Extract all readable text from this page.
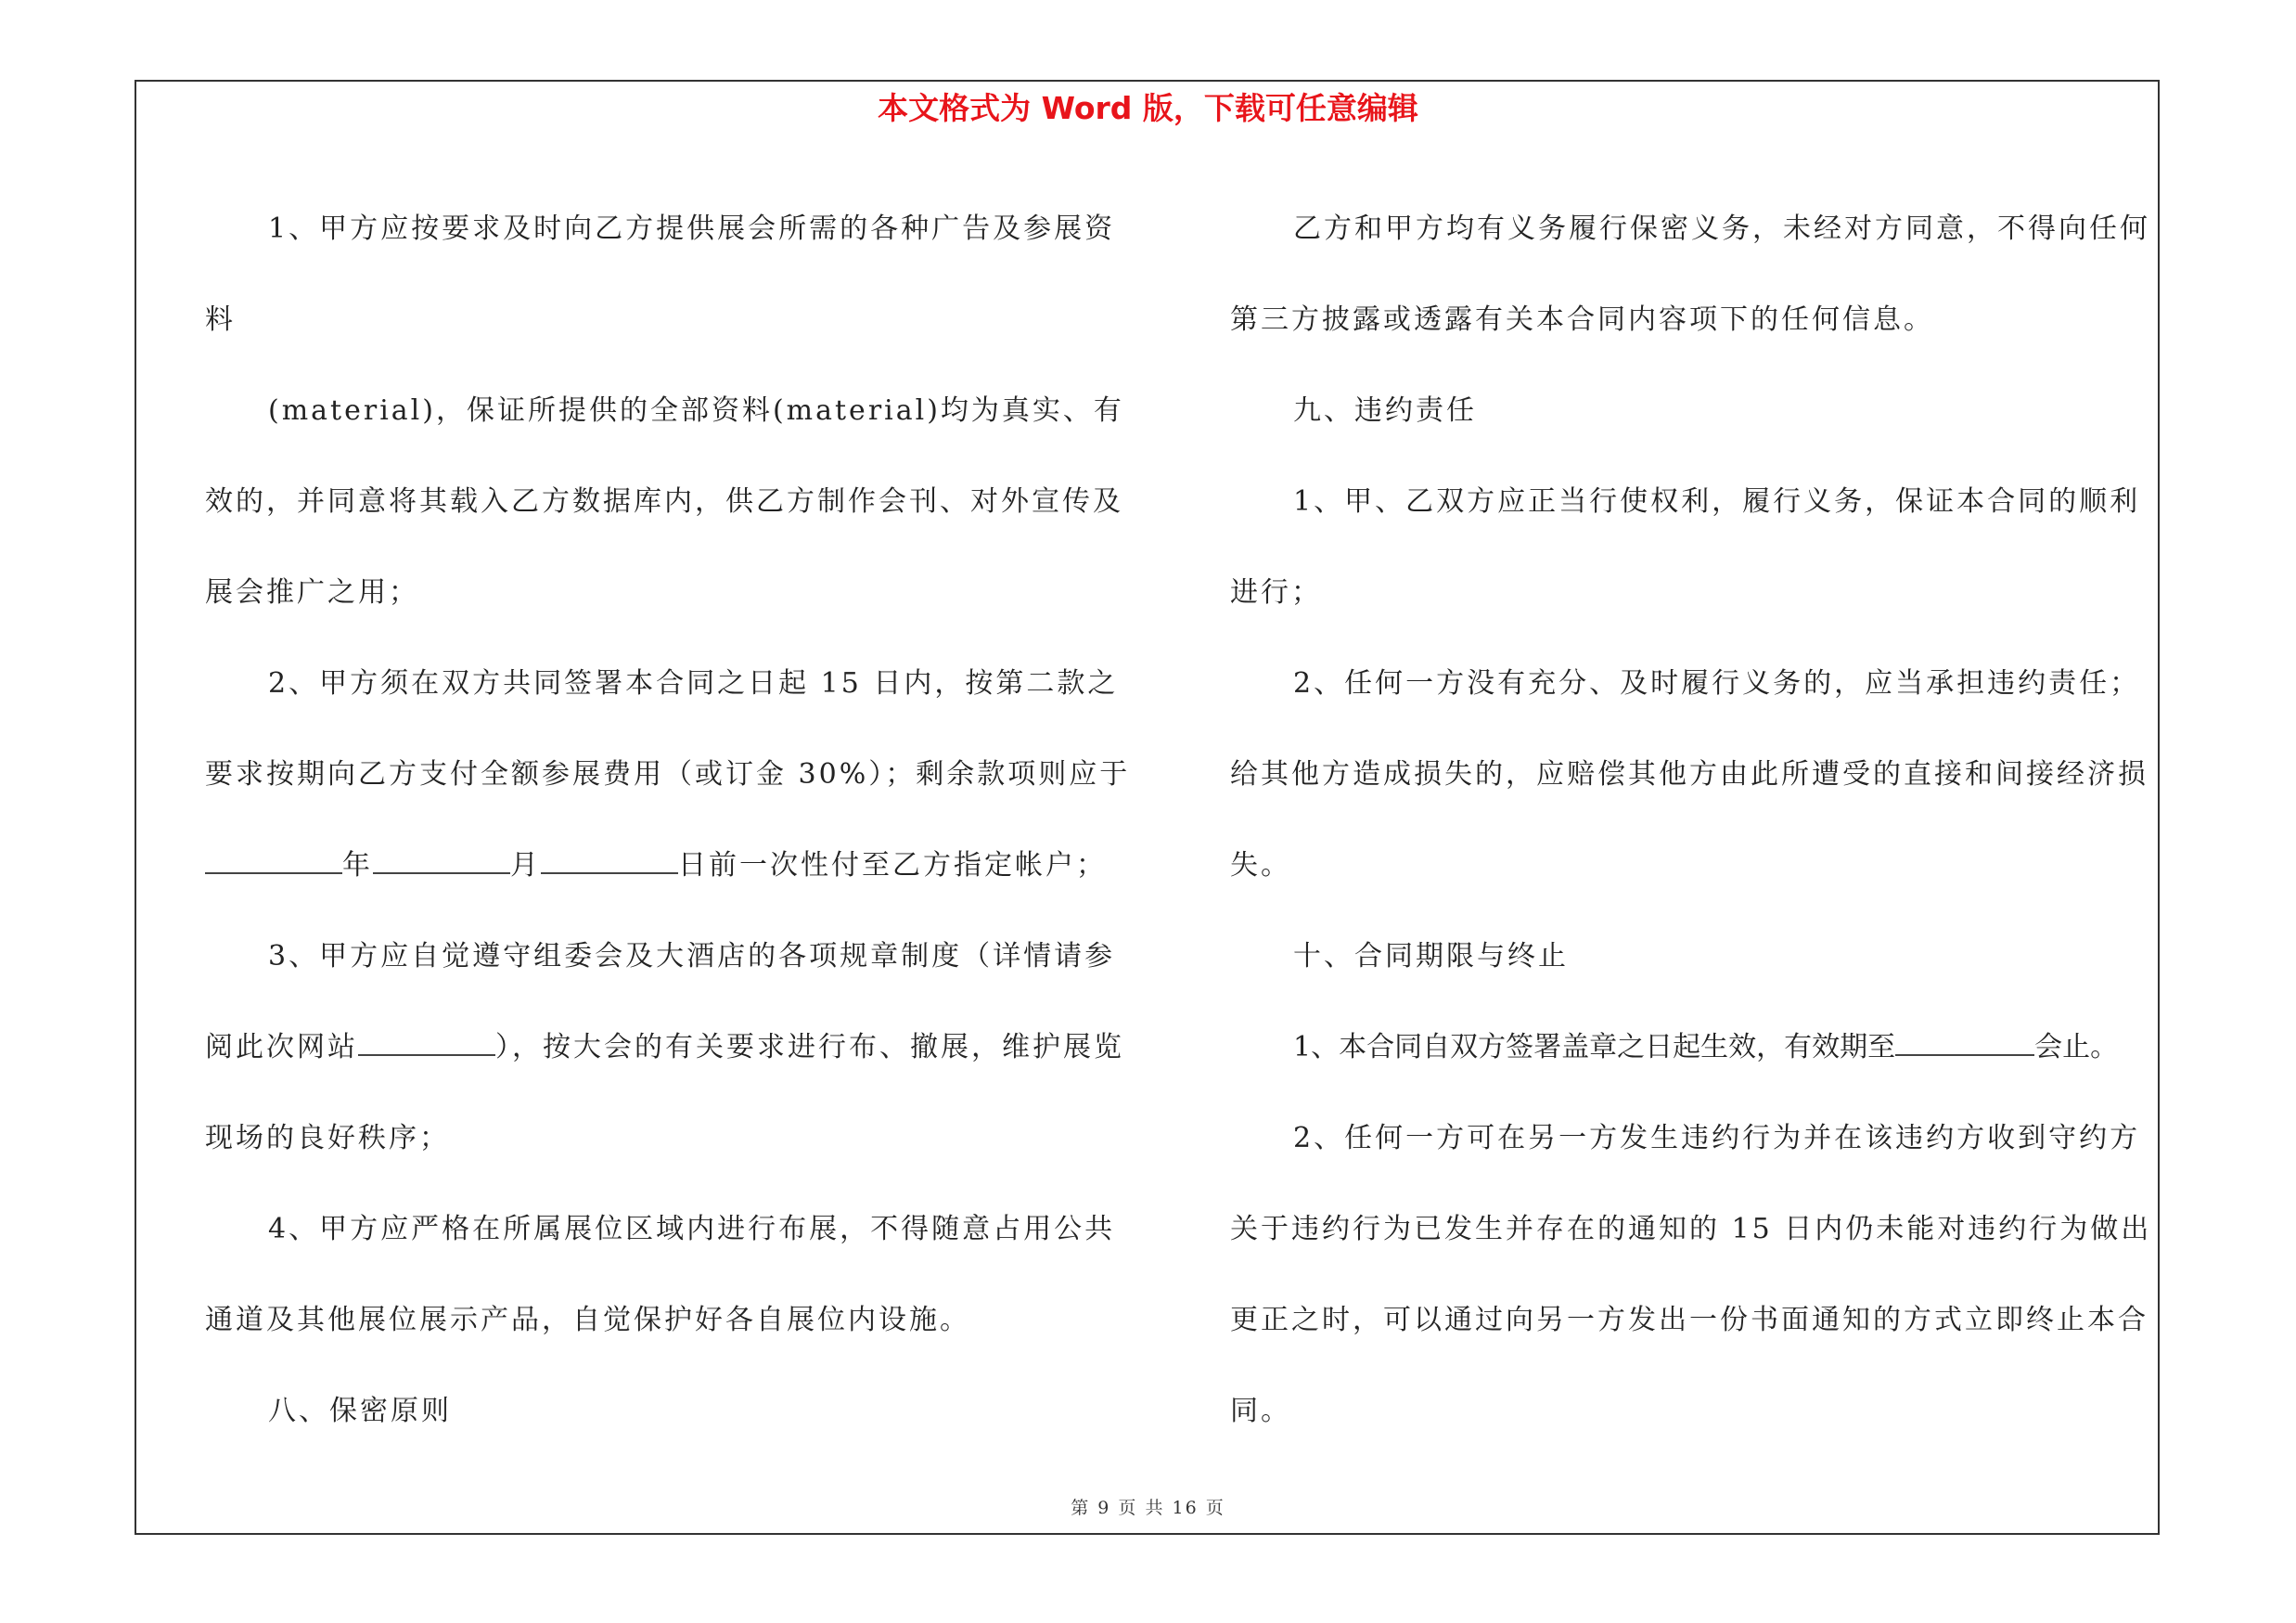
本文格式为 Word 版，下载可任意编辑

1、甲方应按要求及时向乙方提供展会所需的各种广告及参展资料

(material)，保证所提供的全部资料(material)均为真实、有效的，并同意将其载入乙方数据库内，供乙方制作会刊、对外宣传及展会推广之用；

2、甲方须在双方共同签署本合同之日起 15 日内，按第二款之要求按期向乙方支付全额参展费用（或订金 30%）；剩余款项则应于年	月	日前一次性付至乙方指定帐户；

3、甲方应自觉遵守组委会及大酒店的各项规章制度（详情请参阅此次网站	），按大会的有关要求进行布、撤展，维护展览现场的良好秩序；

4、甲方应严格在所属展位区域内进行布展，不得随意占用公共通道及其他展位展示产品，自觉保护好各自展位内设施。

八、保密原则

乙方和甲方均有义务履行保密义务，未经对方同意，不得向任何第三方披露或透露有关本合同内容项下的任何信息。

九、违约责任

1、甲、乙双方应正当行使权利，履行义务，保证本合同的顺利进行；

2、任何一方没有充分、及时履行义务的，应当承担违约责任；给其他方造成损失的，应赔偿其他方由此所遭受的直接和间接经济损失。

十、合同期限与终止

1、本合同自双方签署盖章之日起生效，有效期至	会止。

2、任何一方可在另一方发生违约行为并在该违约方收到守约方关于违约行为已发生并存在的通知的 15 日内仍未能对违约行为做出更正之时，可以通过向另一方发出一份书面通知的方式立即终止本合同。

第 9 页 共 16 页
